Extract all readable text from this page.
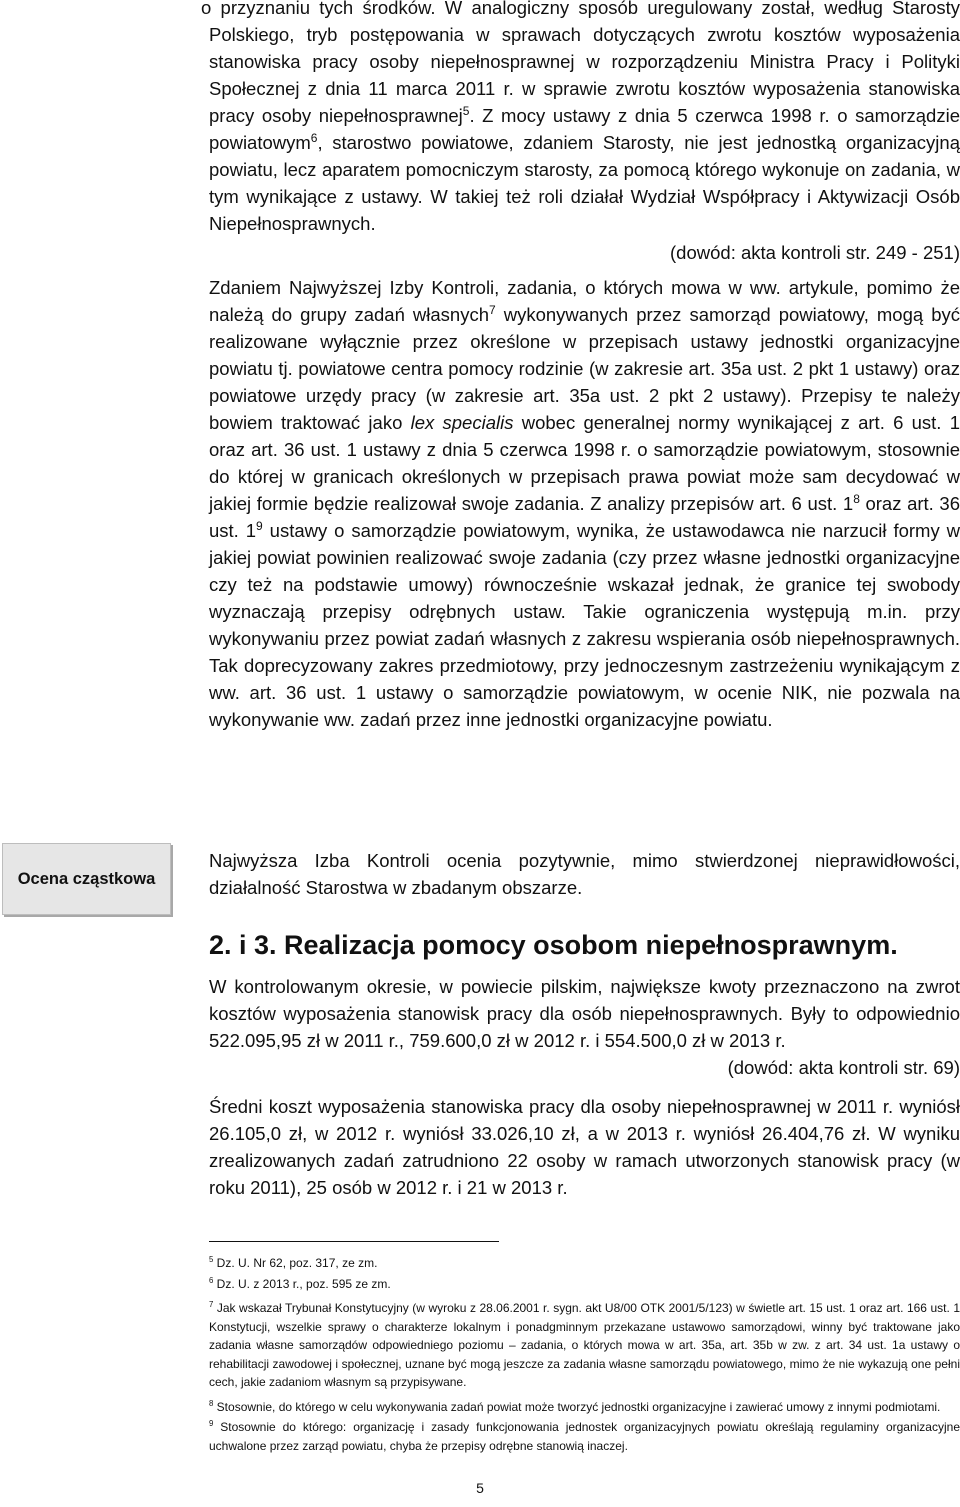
o przyznaniu tych środków. W analogiczny sposób uregulowany został, według Starosty Polskiego, tryb postępowania w sprawach dotyczących zwrotu kosztów wyposażenia stanowiska pracy osoby niepełnosprawnej w rozporządzeniu Ministra Pracy i Polityki Społecznej z dnia 11 marca 2011 r. w sprawie zwrotu kosztów wyposażenia stanowiska pracy osoby niepełnosprawnej$^5$. Z mocy ustawy z dnia 5 czerwca 1998 r. o samorządzie powiatowym$^6$, starostwo powiatowe, zdaniem Starosty, nie jest jednostką organizacyjną powiatu, lecz aparatem pomocniczym starosty, za pomocą którego wykonuje on zadania, w tym wynikające z ustawy. W takiej też roli działał Wydział Współpracy i Aktywizacji Osób Niepełnosprawnych.

(dowód: akta kontroli str. 249 - 251)

Zdaniem Najwyższej Izby Kontroli, zadania, o których mowa w ww. artykule, pomimo że należą do grupy zadań własnych$^7$ wykonywanych przez samorząd powiatowy, mogą być realizowane wyłącznie przez określone w przepisach ustawy jednostki organizacyjne powiatu tj. powiatowe centra pomocy rodzinie (w zakresie art. 35a ust. 2 pkt 1 ustawy) oraz powiatowe urzędy pracy (w zakresie art. 35a ust. 2 pkt 2 ustawy). Przepisy te należy bowiem traktować jako lex specialis wobec generalnej normy wynikającej z art. 6 ust. 1 oraz art. 36 ust. 1 ustawy z dnia 5 czerwca 1998 r. o samorządzie powiatowym, stosownie do której w granicach określonych w przepisach prawa powiat może sam decydować w jakiej formie będzie realizował swoje zadania. Z analizy przepisów art. 6 ust. $1^8$ oraz art. 36 ust. $1^9$ ustawy o samorządzie powiatowym, wynika, że ustawodawca nie narzucił formy w jakiej powiat powinien realizować swoje zadania (czy przez własne jednostki organizacyjne czy też na podstawie umowy) równocześnie wskazał jednak, że granice tej swobody wyznaczają przepisy odrębnych ustaw. Takie ograniczenia występują m.in. przy wykonywaniu przez powiat zadań własnych z zakresu wspierania osób niepełnosprawnych. Tak doprecyzowany zakres przedmiotowy, przy jednoczesnym zastrzeżeniu wynikającym z ww. art. 36 ust. 1 ustawy o samorządzie powiatowym, w ocenie NIK, nie pozwala na wykonywanie ww. zadań przez inne jednostki organizacyjne powiatu.

Ocena cząstkowa

Najwyższa Izba Kontroli ocenia pozytywnie, mimo stwierdzonej nieprawidłowości, działalność Starostwa w zbadanym obszarze.

2. i 3. Realizacja pomocy osobom niepełnosprawnym.

W kontrolowanym okresie, w powiecie pilskim, największe kwoty przeznaczono na zwrot kosztów wyposażenia stanowisk pracy dla osób niepełnosprawnych. Były to odpowiednio 522.095,95 zł w 2011 r., 759.600,0 zł w 2012 r. i 554.500,0 zł w 2013 r.

(dowód: akta kontroli str. 69)

Średni koszt wyposażenia stanowiska pracy dla osoby niepełnosprawnej w 2011 r. wyniósł 26.105,0 zł, w 2012 r. wyniósł 33.026,10 zł, a w 2013 r. wyniósł 26.404,76 zł. W wyniku zrealizowanych zadań zatrudniono 22 osoby w ramach utworzonych stanowisk pracy (w roku 2011), 25 osób w 2012 r. i 21 w 2013 r.

$^5$ Dz. U. Nr 62, poz. 317, ze zm.

$^6$ Dz. U. z 2013 r., poz. 595 ze zm.

$^7$ Jak wskazał Trybunał Konstytucyjny (w wyroku z 28.06.2001 r. sygn. akt U8/00 OTK 2001/5/123) w świetle art. 15 ust. 1 oraz art. 166 ust. 1 Konstytucji, wszelkie sprawy o charakterze lokalnym i ponadgminnym przekazane ustawowo samorządowi, winny być traktowane jako zadania własne samorządów odpowiedniego poziomu – zadania, o których mowa w art. 35a, art. 35b w zw. z art. 34 ust. 1a ustawy o rehabilitacji zawodowej i społecznej, uznane być mogą jeszcze za zadania własne samorządu powiatowego, mimo że nie wykazują one pełni cech, jakie zadaniom własnym są przypisywane.

$^8$ Stosownie, do którego w celu wykonywania zadań powiat może tworzyć jednostki organizacyjne i zawierać umowy z innymi podmiotami.

$^9$ Stosownie do którego: organizację i zasady funkcjonowania jednostek organizacyjnych powiatu określają regulaminy organizacyjne uchwalone przez zarząd powiatu, chyba że przepisy odrębne stanowią inaczej.

5
